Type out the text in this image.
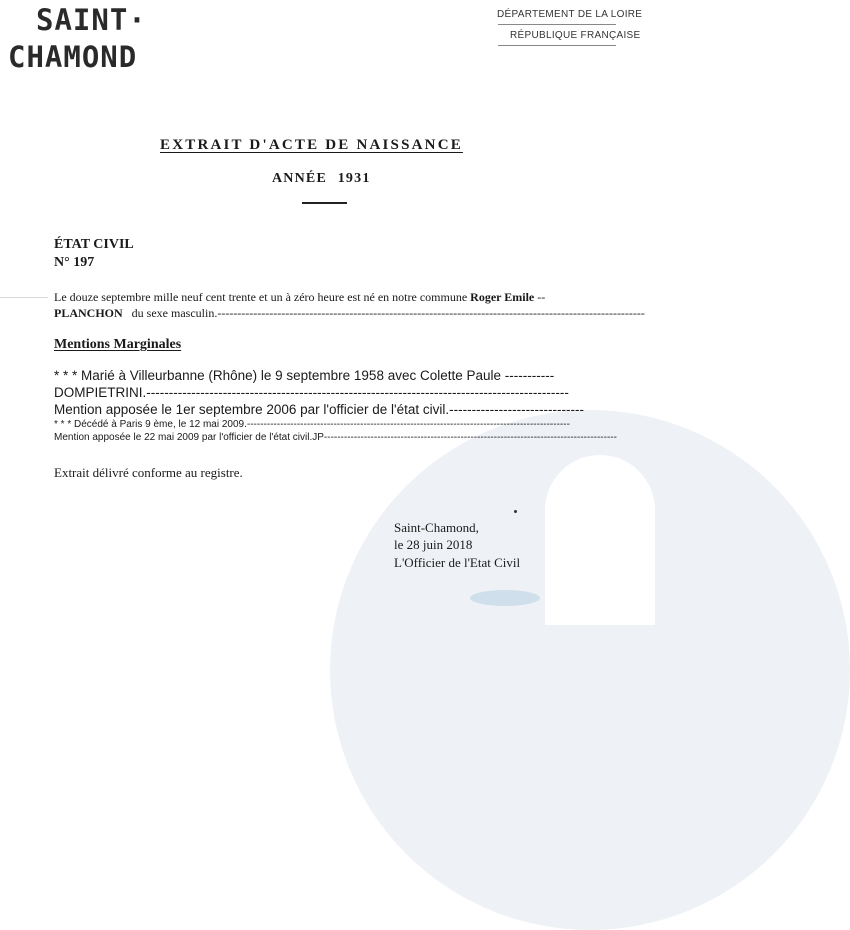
SAINT·
CHAMOND
DÉPARTEMENT DE LA LOIRE
RÉPUBLIQUE FRANÇAISE
EXTRAIT D'ACTE DE NAISSANCE
ANNÉE 1931
ÉTAT CIVIL
N° 197
Le douze septembre mille neuf cent trente et un à zéro heure est né en notre commune Roger Emile --
PLANCHON du sexe masculin.-----------------------------------------------------------------------------------------------------------
Mentions Marginales
* * * Marié à Villeurbanne (Rhône) le 9 septembre 1958 avec Colette Paule -----------
DOMPIETRINI.----------------------------------------------------------------------------------------------
Mention apposée le 1er septembre 2006 par l'officier de l'état civil.------------------------------
* * * Décédé à Paris 9 ème, le 12 mai 2009.-------------------------------------------------------------------------------------------------
Mention apposée le 22 mai 2009 par l'officier de l'état civil.JP----------------------------------------------------------------------------------------
Extrait délivré conforme au registre.
Saint-Chamond,
le 28 juin 2018
L'Officier de l'Etat Civil
